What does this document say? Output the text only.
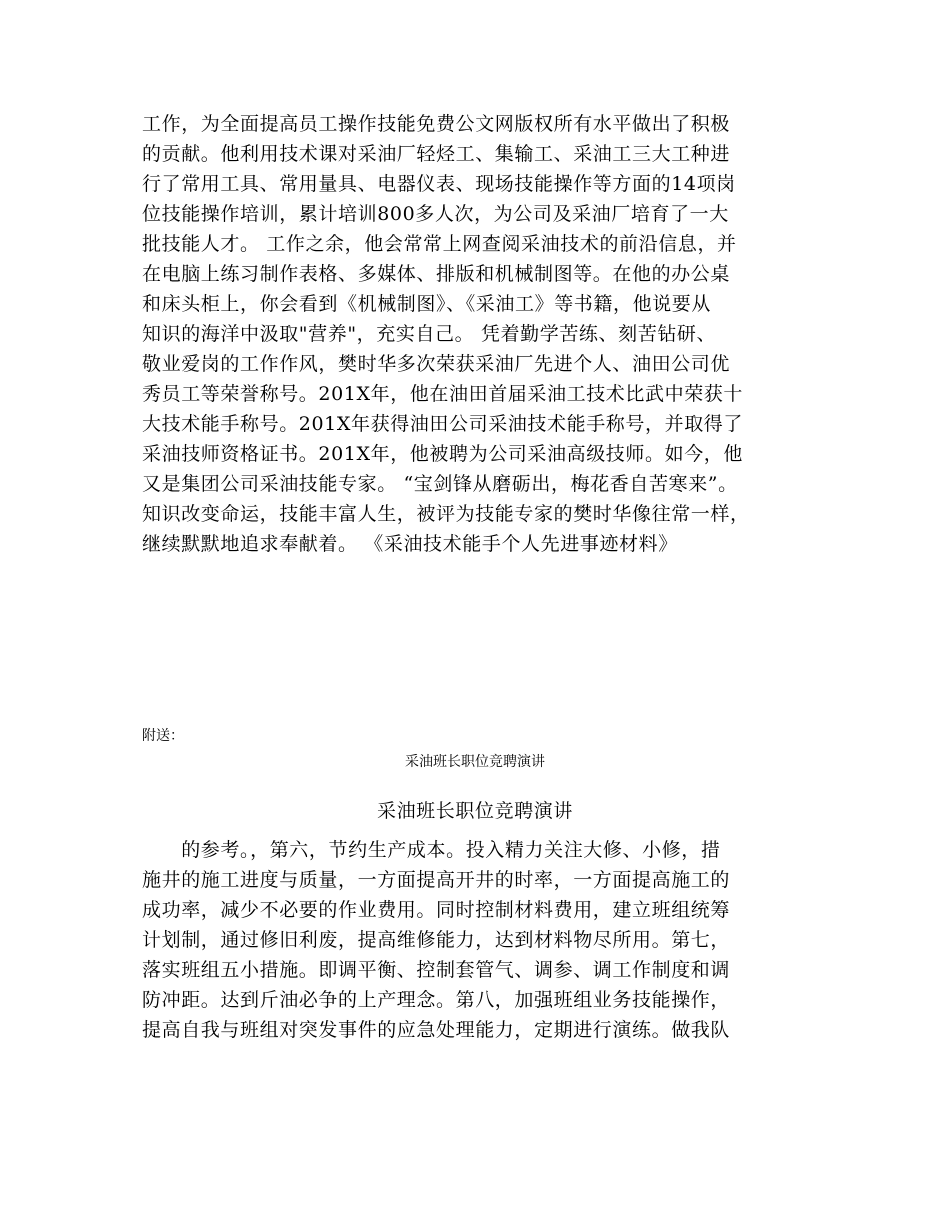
工作，为全面提高员工操作技能免费公文网版权所有水平做出了积极
的贡献。他利用技术课对采油厂轻烃工、集输工、采油工三大工种进
行了常用工具、常用量具、电器仪表、现场技能操作等方面的14项岗
位技能操作培训，累计培训800多人次，为公司及采油厂培育了一大
批技能人才。 工作之余，他会常常上网查阅采油技术的前沿信息，并
在电脑上练习制作表格、多媒体、排版和机械制图等。在他的办公桌
和床头柜上，你会看到《机械制图》、《采油工》等书籍，他说要从
知识的海洋中汲取"营养"，充实自己。 凭着勤学苦练、刻苦钻研、
敬业爱岗的工作作风，樊时华多次荣获采油厂先进个人、油田公司优
秀员工等荣誉称号。201X年，他在油田首届采油工技术比武中荣获十
大技术能手称号。201X年获得油田公司采油技术能手称号，并取得了
采油技师资格证书。201X年，他被聘为公司采油高级技师。如今，他
又是集团公司采油技能专家。 “宝剑锋从磨砺出，梅花香自苦寒来”。
知识改变命运，技能丰富人生，被评为技能专家的樊时华像往常一样，
继续默默地追求奉献着。 《采油技术能手个人先进事迹材料》
附送：
采油班长职位竞聘演讲
采油班长职位竞聘演讲
　　的参考。，第六，节约生产成本。投入精力关注大修、小修，措
施井的施工进度与质量，一方面提高开井的时率，一方面提高施工的
成功率，减少不必要的作业费用。同时控制材料费用，建立班组统筹
计划制，通过修旧利废，提高维修能力，达到材料物尽所用。第七，
落实班组五小措施。即调平衡、控制套管气、调参、调工作制度和调
防冲距。达到斤油必争的上产理念。第八，加强班组业务技能操作，
提高自我与班组对突发事件的应急处理能力，定期进行演练。做我队
